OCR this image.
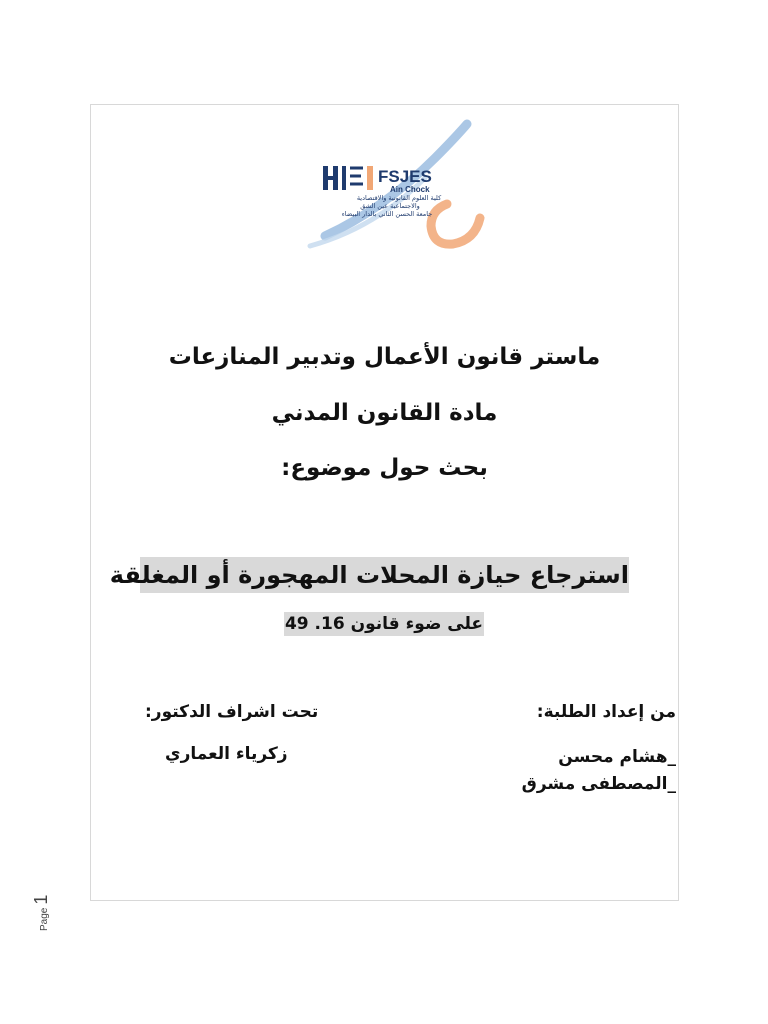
FSJES
Ain Chock
كلية العلوم القانونية والاقتصادية
والاجتماعية عين الشق
جامعة الحسن الثاني بالدار البيضاء
ماستر قانون الأعمال وتدبير المنازعات
مادة القانون المدني
بحث حول موضوع:
استرجاع حيازة المحلات المهجورة أو المغلقة
على ضوء قانون 16. 49
من إعداد الطلبة:
تحت اشراف الدكتور:
_هشام محسن
_المصطفى مشرق
زكرياء العماري
Page
1
